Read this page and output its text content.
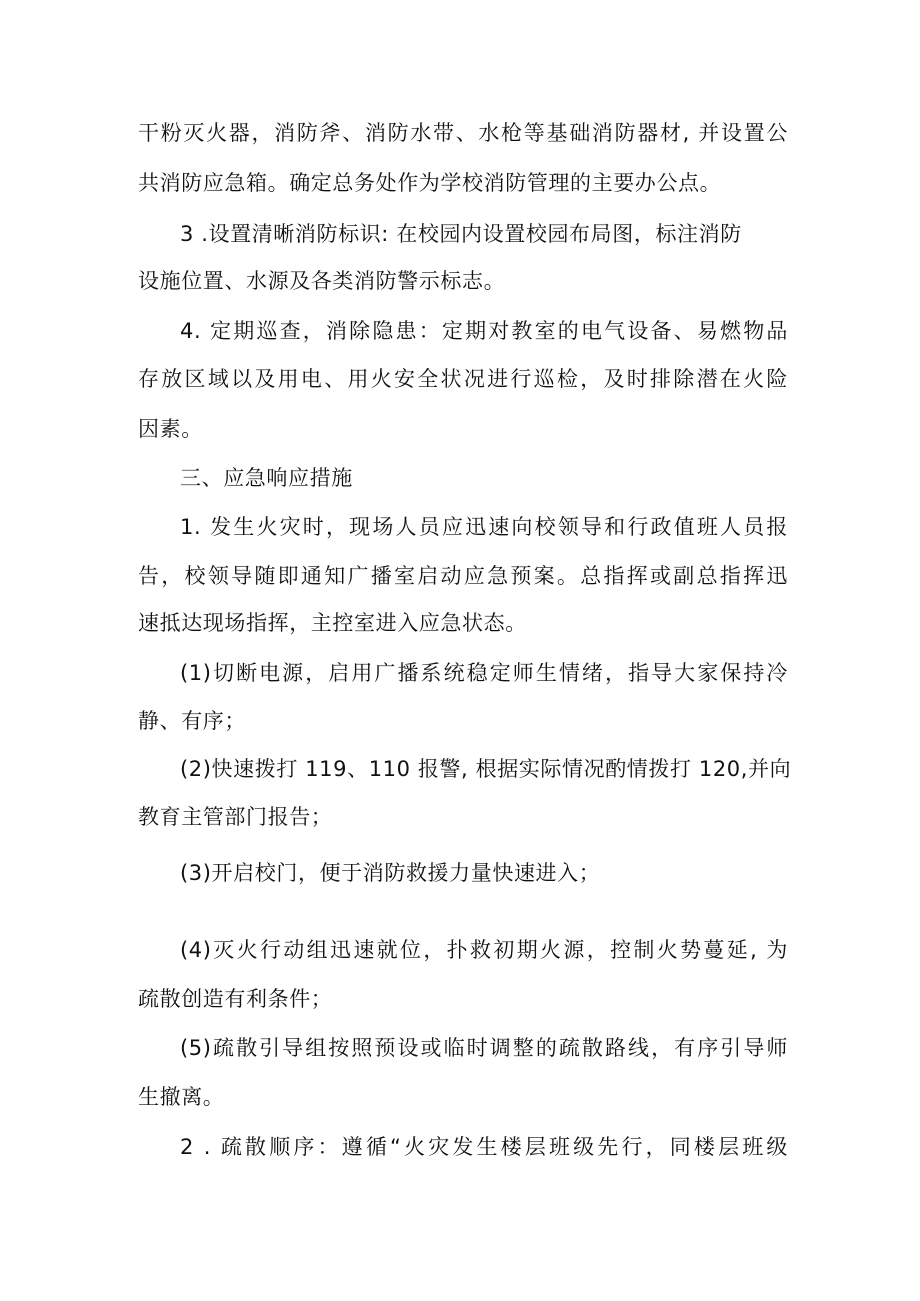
干粉灭火器，消防斧、消防水带、水枪等基础消防器材, 并设置公
共消防应急箱。确定总务处作为学校消防管理的主要办公点。
3 .设置清晰消防标识: 在校园内设置校园布局图，标注消防
设施位置、水源及各类消防警示标志。
4. 定期巡查，消除隐患：定期对教室的电气设备、易燃物品
存放区域以及用电、用火安全状况进行巡检，及时排除潜在火险
因素。
三、应急响应措施
1. 发生火灾时，现场人员应迅速向校领导和行政值班人员报
告，校领导随即通知广播室启动应急预案。总指挥或副总指挥迅
速抵达现场指挥，主控室进入应急状态。
(1)切断电源，启用广播系统稳定师生情绪，指导大家保持冷
静、有序；
(2)快速拨打 119、110 报警, 根据实际情况酌情拨打 120,并向
教育主管部门报告；
(3)开启校门，便于消防救援力量快速进入；
(4)灭火行动组迅速就位，扑救初期火源，控制火势蔓延, 为
疏散创造有利条件；
(5)疏散引导组按照预设或临时调整的疏散路线，有序引导师
生撤离。
2 . 疏散顺序：遵循“火灾发生楼层班级先行，同楼层班级
